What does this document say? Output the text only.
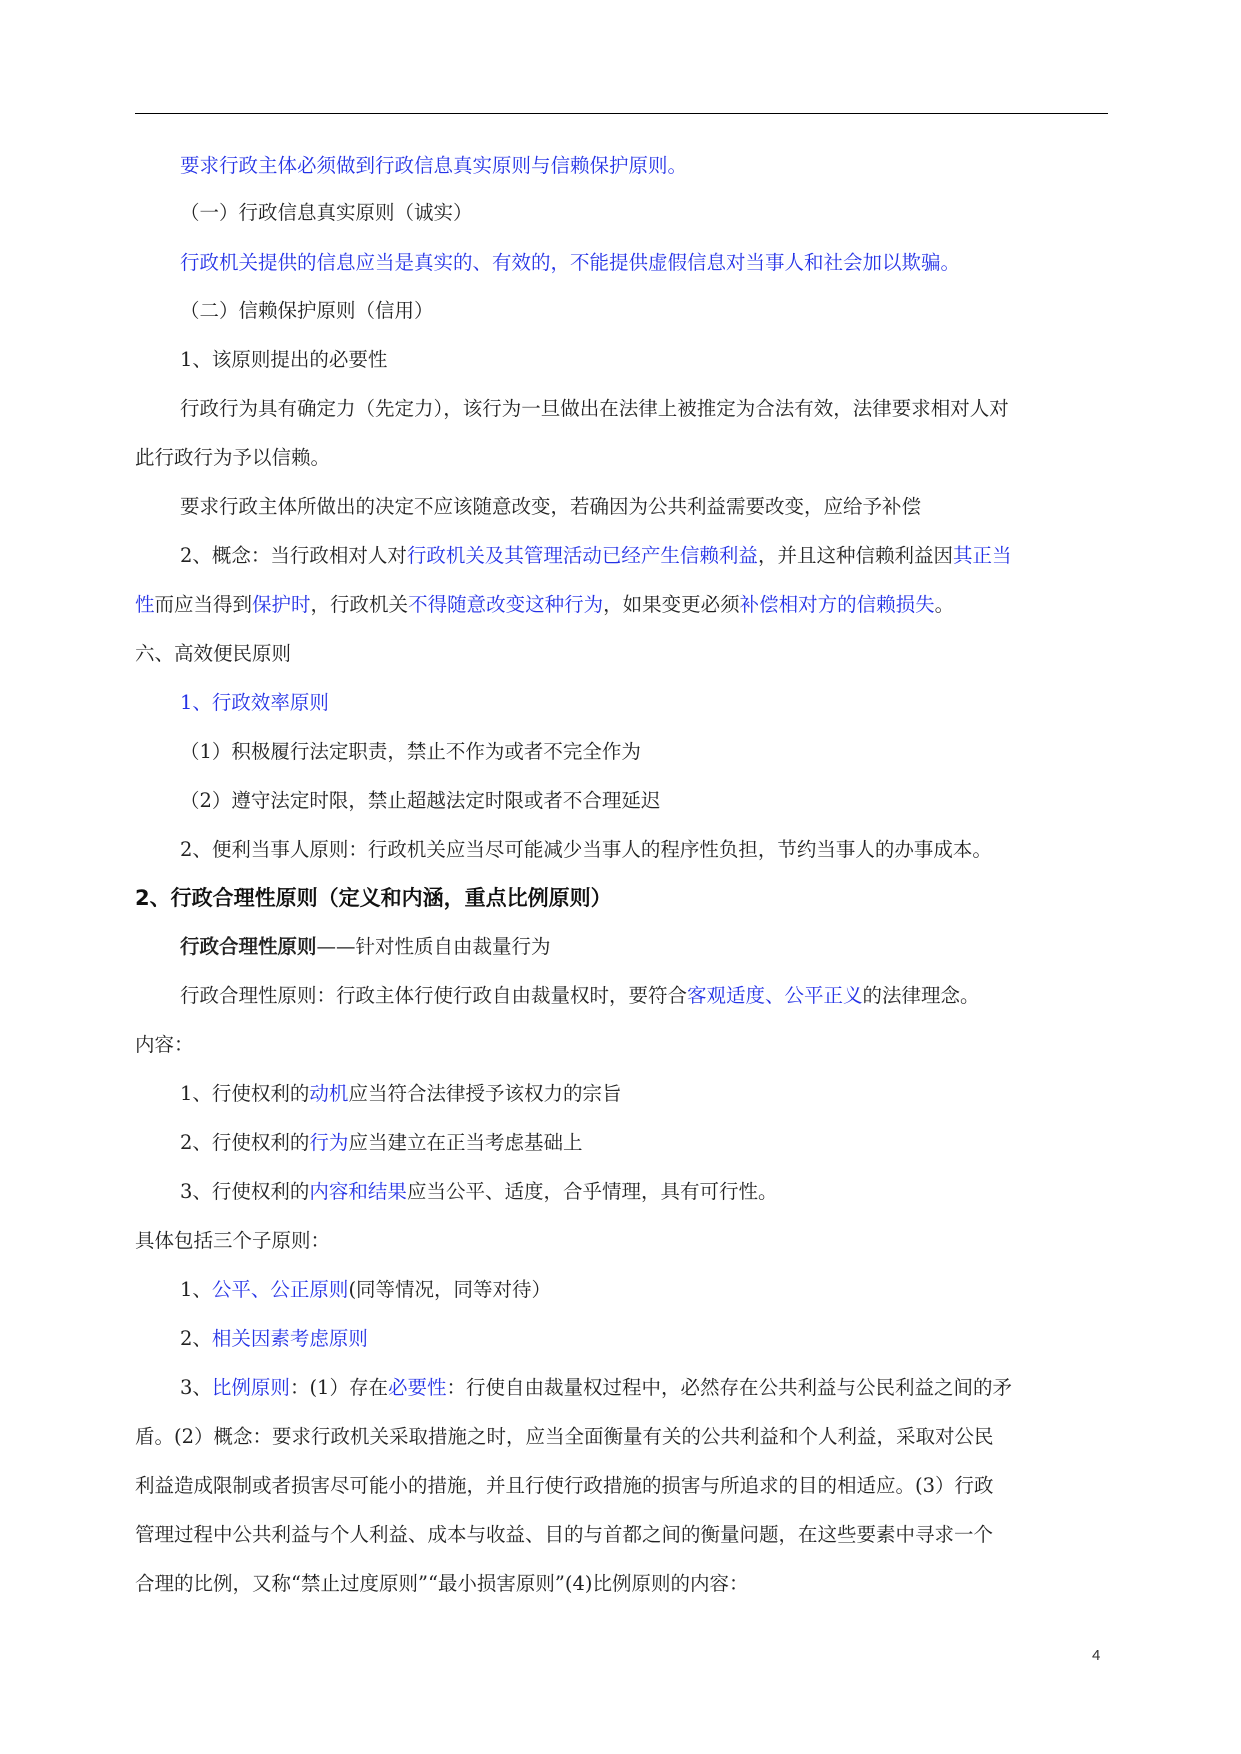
要求行政主体必须做到行政信息真实原则与信赖保护原则。
（一）行政信息真实原则（诚实）
行政机关提供的信息应当是真实的、有效的，不能提供虚假信息对当事人和社会加以欺骗。
（二）信赖保护原则（信用）
1、该原则提出的必要性
行政行为具有确定力（先定力），该行为一旦做出在法律上被推定为合法有效，法律要求相对人对
此行政行为予以信赖。
要求行政主体所做出的决定不应该随意改变，若确因为公共利益需要改变，应给予补偿
2、概念：当行政相对人对行政机关及其管理活动已经产生信赖利益，并且这种信赖利益因其正当
性而应当得到保护时，行政机关不得随意改变这种行为，如果变更必须补偿相对方的信赖损失。
六、高效便民原则
1、行政效率原则
（1）积极履行法定职责，禁止不作为或者不完全作为
（2）遵守法定时限，禁止超越法定时限或者不合理延迟
2、便利当事人原则：行政机关应当尽可能减少当事人的程序性负担，节约当事人的办事成本。
2、行政合理性原则（定义和内涵，重点比例原则）
行政合理性原则——针对性质自由裁量行为
行政合理性原则：行政主体行使行政自由裁量权时，要符合客观适度、公平正义的法律理念。
内容：
1、行使权利的动机应当符合法律授予该权力的宗旨
2、行使权利的行为应当建立在正当考虑基础上
3、行使权利的内容和结果应当公平、适度，合乎情理，具有可行性。
具体包括三个子原则：
1、公平、公正原则(同等情况，同等对待）
2、相关因素考虑原则
3、比例原则：(1）存在必要性：行使自由裁量权过程中，必然存在公共利益与公民利益之间的矛
盾。(2）概念：要求行政机关采取措施之时，应当全面衡量有关的公共利益和个人利益，采取对公民
利益造成限制或者损害尽可能小的措施，并且行使行政措施的损害与所追求的目的相适应。(3）行政
管理过程中公共利益与个人利益、成本与收益、目的与首都之间的衡量问题，在这些要素中寻求一个
合理的比例，又称“禁止过度原则”“最小损害原则”(4)比例原则的内容：
4
